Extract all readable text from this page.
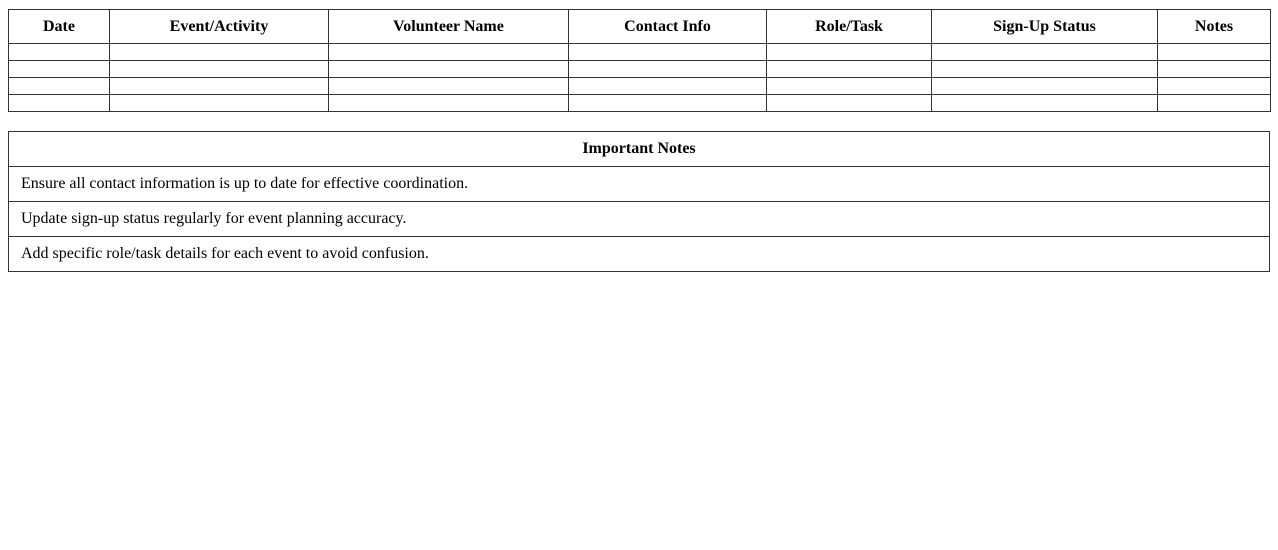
Date	Event/Activity	Volunteer Name	Contact Info	Role/Task	Sign-Up Status	Notes

Important Notes
Ensure all contact information is up to date for effective coordination.
Update sign-up status regularly for event planning accuracy.
Add specific role/task details for each event to avoid confusion.
